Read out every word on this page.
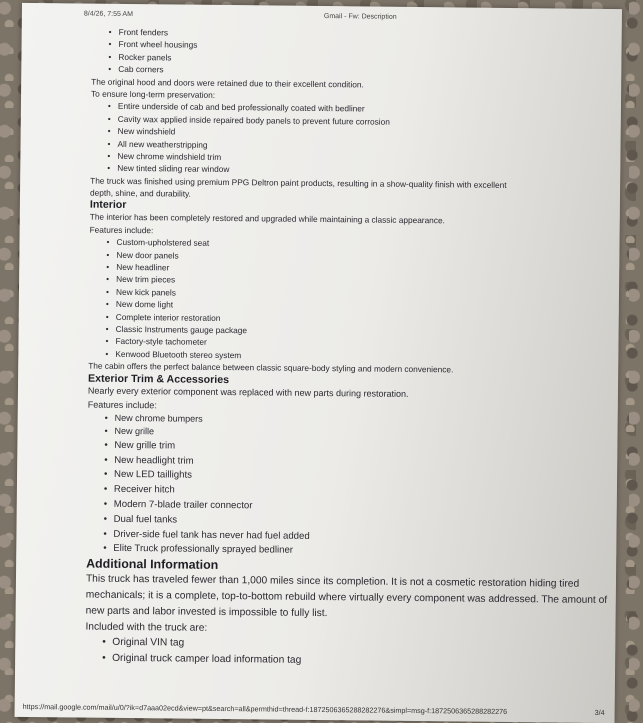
8/4/26, 7:55 AM	Gmail - Fw: Description
• Front fenders
• Front wheel housings
• Rocker panels
• Cab corners

The original hood and doors were retained due to their excellent condition.

To ensure long-term preservation:

• Entire underside of cab and bed professionally coated with bedliner
• Cavity wax applied inside repaired body panels to prevent future corrosion
• New windshield
• All new weatherstripping
• New chrome windshield trim
• New tinted sliding rear window

The truck was finished using premium PPG Deltron paint products, resulting in a show-quality finish with excellent depth, shine, and durability.

Interior

The interior has been completely restored and upgraded while maintaining a classic appearance.

Features include:

• Custom-upholstered seat
• New door panels
• New headliner
• New trim pieces
• New kick panels
• New dome light
• Complete interior restoration
• Classic Instruments gauge package
• Factory-style tachometer
• Kenwood Bluetooth stereo system

The cabin offers the perfect balance between classic square-body styling and modern convenience.

Exterior Trim & Accessories

Nearly every exterior component was replaced with new parts during restoration.

Features include:

• New chrome bumpers
• New grille
• New grille trim
• New headlight trim
• New LED taillights
• Receiver hitch
• Modern 7-blade trailer connector
• Dual fuel tanks
• Driver-side fuel tank has never had fuel added
• Elite Truck professionally sprayed bedliner
Additional Information

This truck has traveled fewer than 1,000 miles since its completion. It is not a cosmetic restoration hiding tired mechanicals; it is a complete, top-to-bottom rebuild where virtually every component was addressed. The amount of new parts and labor invested is impossible to fully list.

Included with the truck are:

• Original VIN tag
• Original truck camper load information tag
https://mail.google.com/mail/u/0/?ik=d7aaa02ecd&view=pt&search=all&permthid=thread-f:1872506365288282276&simpl=msg-f:1872506365288282276	3/4
